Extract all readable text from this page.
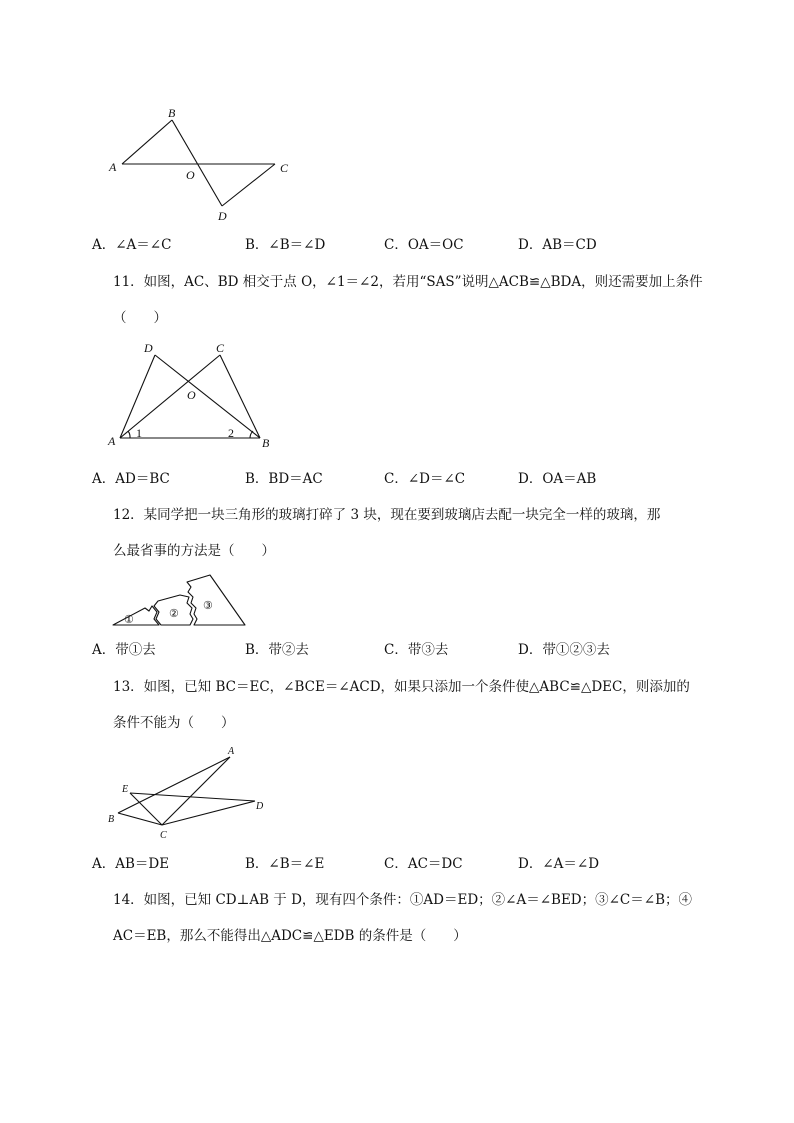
A
B
C
D
O
A．∠A＝∠C	B．∠B＝∠D	C．OA＝OC	D．AB＝CD
11．如图，AC、BD 相交于点 O，∠1＝∠2，若用“SAS”说明△ACB≌△BDA，则还需要加上条件
（　　）
A	B
C
D
O
1	2
A．AD＝BC	B．BD＝AC	C．∠D＝∠C	D．OA＝AB
12．某同学把一块三角形的玻璃打碎了 3 块，现在要到玻璃店去配一块完全一样的玻璃，那
么最省事的方法是（　　）
①	②
③
A．带①去	B．带②去	C．带③去	D．带①②③去
13．如图，已知 BC＝EC，∠BCE＝∠ACD，如果只添加一个条件使△ABC≌△DEC，则添加的
条件不能为（　　）
A
B
C
D
E
A．AB＝DE	B．∠B＝∠E	C．AC＝DC	D．∠A＝∠D
14．如图，已知 CD⊥AB 于 D，现有四个条件：①AD＝ED；②∠A＝∠BED；③∠C＝∠B；④
AC＝EB，那么不能得出△ADC≌△EDB 的条件是（　　）
